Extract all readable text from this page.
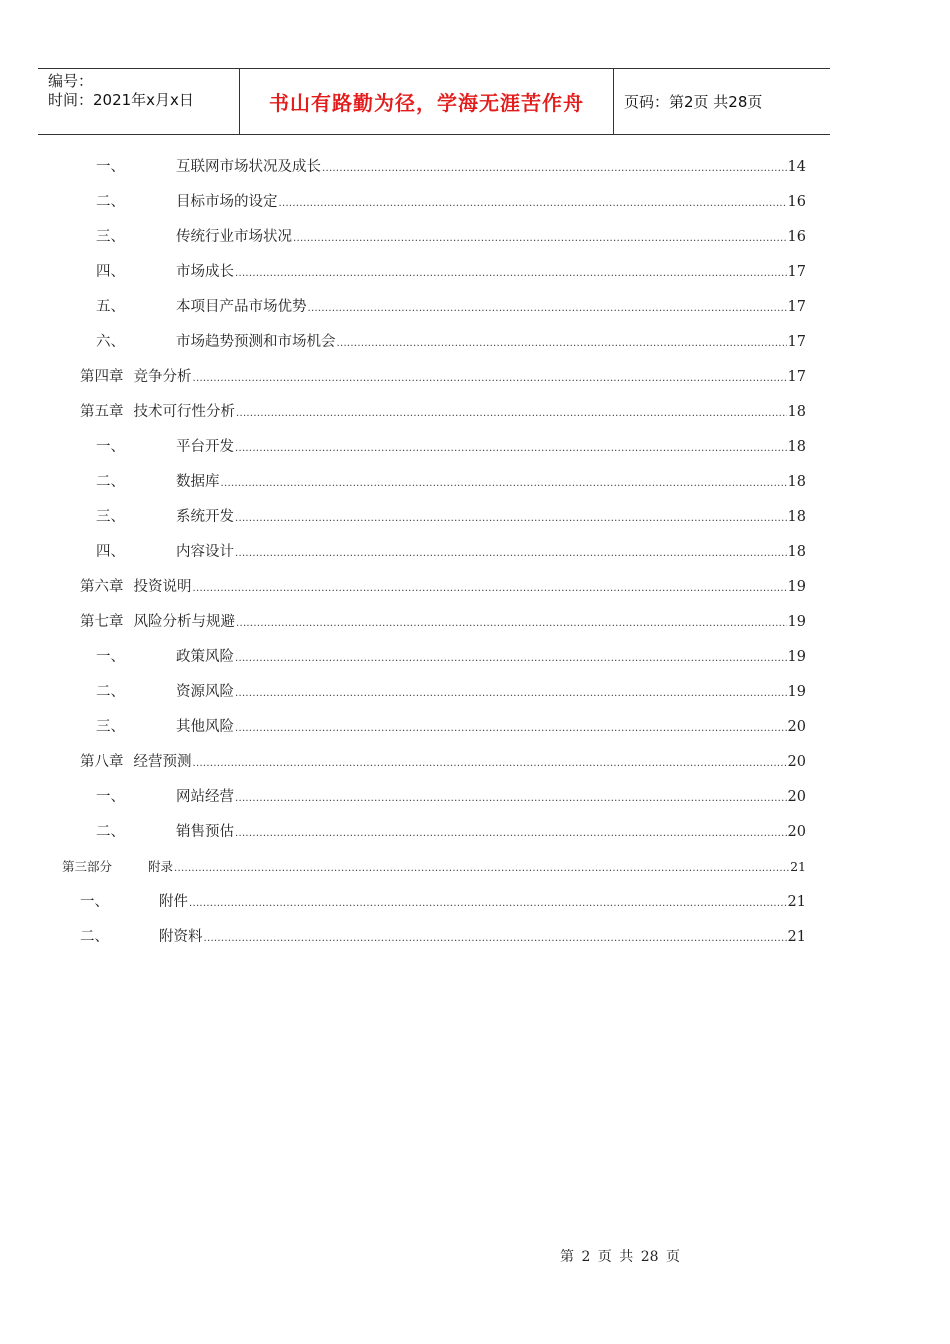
编号：
时间：2021年x月x日	书山有路勤为径，学海无涯苦作舟	页码：第2页 共28页
一、	互联网市场状况及成长 .....	14
二、	目标市场的设定 .....	16
三、	传统行业市场状况 .....	16
四、	市场成长 .....	17
五、	本项目产品市场优势 .....	17
六、	市场趋势预测和市场机会 .....	17
第四章 竞争分析 .....	17
第五章 技术可行性分析 .....	18
一、	平台开发 .....	18
二、	数据库 .....	18
三、	系统开发 .....	18
四、	内容设计 .....	18
第六章 投资说明 .....	19
第七章 风险分析与规避 .....	19
一、	政策风险 .....	19
二、	资源风险 .....	19
三、	其他风险 .....	20
第八章 经营预测 .....	20
一、	网站经营 .....	20
二、	销售预估 .....	20
第三部分	附录 .....	21
一、	附件 .....	21
二、	附资料 .....	21
第 2 页 共 28 页
